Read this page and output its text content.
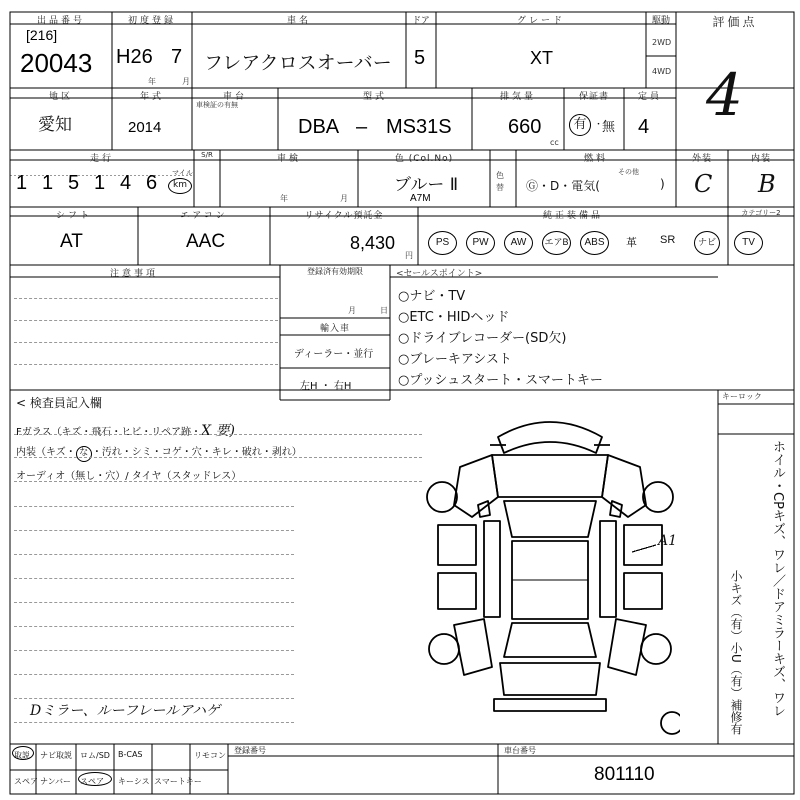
出品番号
[216]
20043
初度登録
H26 7
年	月
車名
フレアクロスオーバー
ドア
5
グレード
XT
駆動
2WD
4WD
評価点
4
地区
愛知
年式
2014
車台
車検証の有無
型式
DBA – MS31S
排気量
660
cc
保証書
有 ・
無
定員
4
走行
1 1 5 1 4 6 マイル
km
S/R	車検
年	月
色 (Col.No)
ブルー Ⅱ
A7M
色替
燃料
その他
Ⓖ・D・電気(	)
外装
C
内装
B
シフト
AT
エアコン
AAC
リサイクル預託金
8,430
円
純正装備品	カテゴリー2
PS	PW	AW	エアB	ABS	革 SR	ナビ	TV
注意事項	登録済有効期限
月	日
輸入車
ディーラー・並行
左H ・ 右H
<セールスポイント>
○ナビ・TV
○ETC・HIDヘッド
○ドライブレコーダー(SD欠)
○ブレーキアシスト
○プッシュスタート・スマートキー
< 検査員記入欄
Fガラス（キズ・飛石・ヒビ・リペア跡・X 要)
内装（キズ・ な ・汚れ・シミ・コゲ・穴・キレ・破れ・剥れ）
オーディオ（無し・穴）/ タイヤ（スタッドレス）
Dミラー、ルーフレールアハゲ
A1
キーロック
ホイル・CPキズ、ワレ／ドアミラーキズ、ワレ
小キズ（有）小U（有）補修有
取説 ナビ取説 ロム/SD B-CAS	リモコン
スペア ナンバー スペア キーシス スマートキー
登録番号	車台番号
801110
